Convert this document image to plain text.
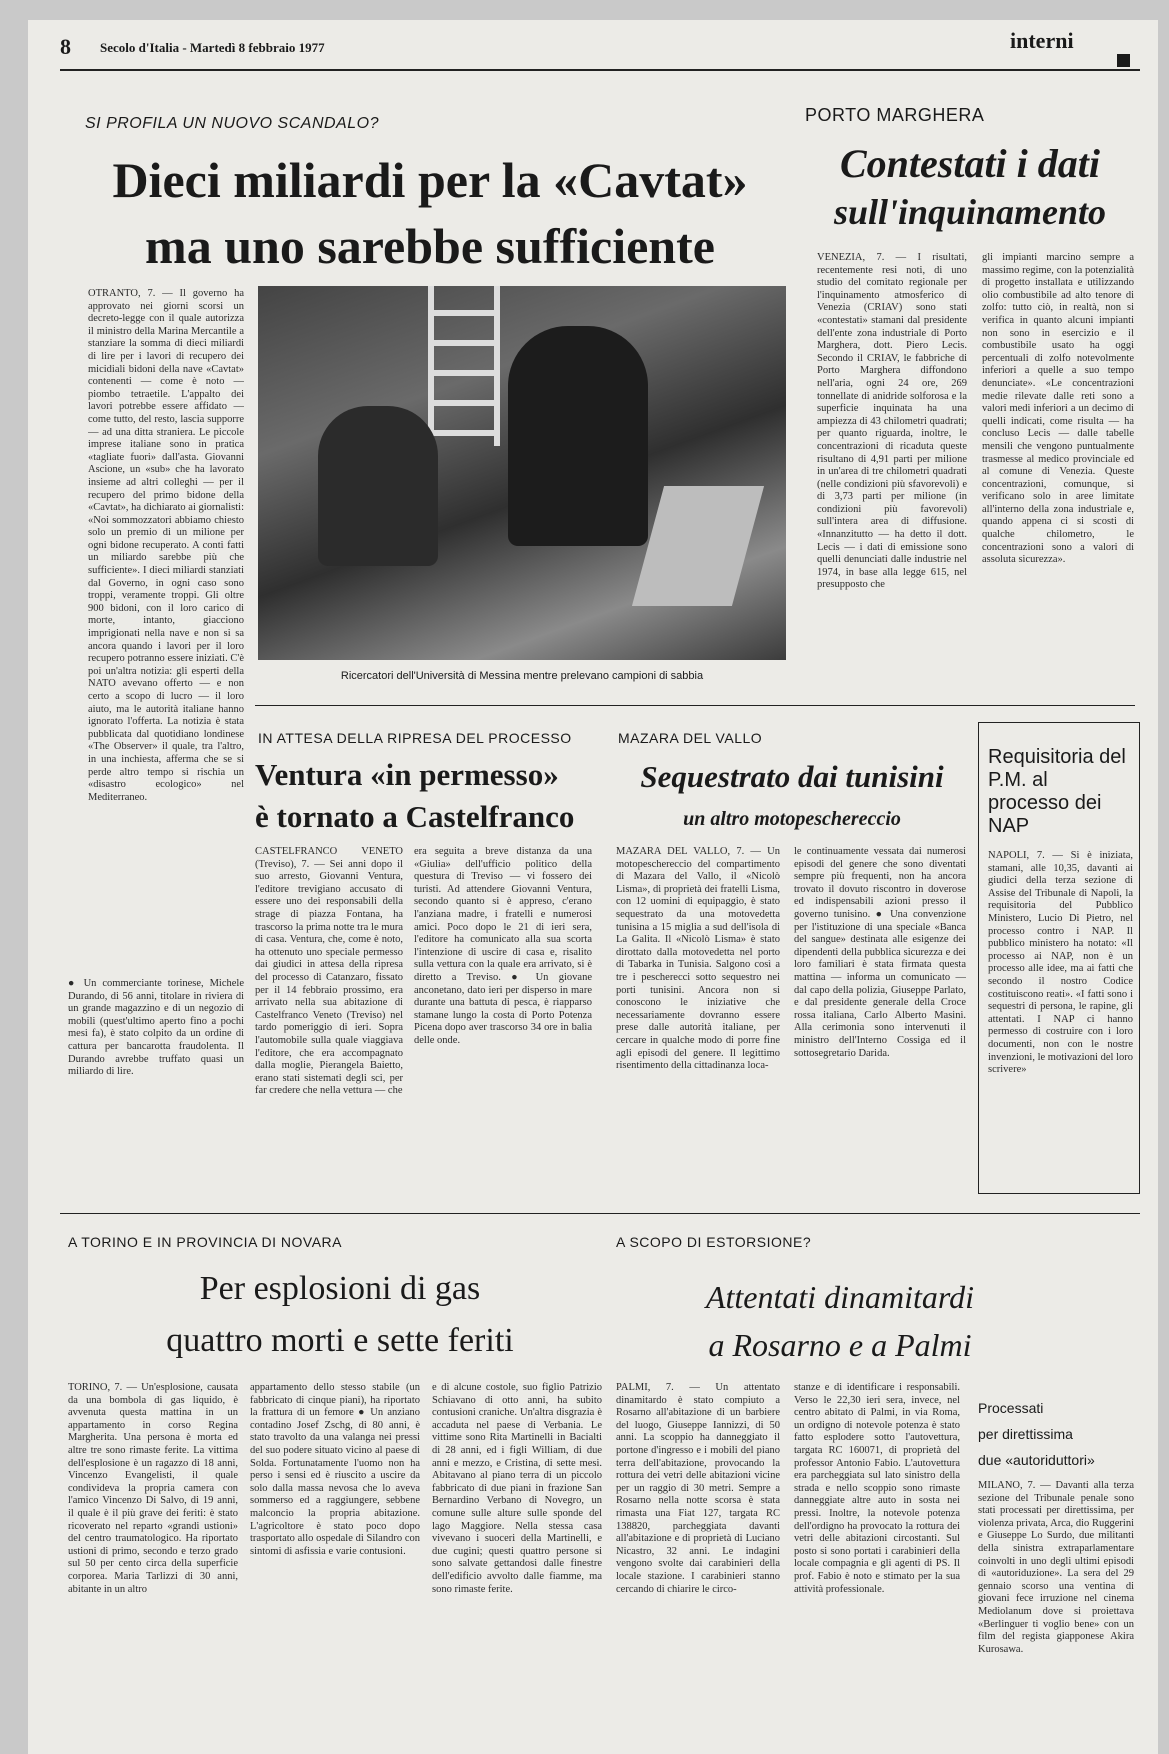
8 Secolo d'Italia - Martedì 8 febbraio 1977	interni
SI PROFILA UN NUOVO SCANDALO?
Dieci miliardi per la «Cavtat»
ma uno sarebbe sufficiente
OTRANTO, 7. — Il governo ha approvato nei giorni scorsi un decreto-legge con il quale autorizza il ministro della Marina Mercantile a stanziare la somma di dieci miliardi di lire per i lavori di recupero dei micidiali bidoni della nave «Cavtat» contenenti — come è noto — piombo tetraetile. L'appalto dei lavori potrebbe essere affidato — come tutto, del resto, lascia supporre — ad una ditta straniera. Le piccole imprese italiane sono in pratica «tagliate fuori» dall'asta. Giovanni Ascione, un «sub» che ha lavorato insieme ad altri colleghi — per il recupero del primo bidone della «Cavtat», ha dichiarato ai giornalisti: «Noi sommozzatori abbiamo chiesto solo un premio di un milione per ogni bidone recuperato. A conti fatti un miliardo sarebbe più che sufficiente». I dieci miliardi stanziati dal Governo, in ogni caso sono troppi, veramente troppi. Gli oltre 900 bidoni, con il loro carico di morte, intanto, giacciono imprigionati nella nave e non si sa ancora quando i lavori per il loro recupero potranno essere iniziati. C'è poi un'altra notizia: gli esperti della NATO avevano offerto — e non certo a scopo di lucro — il loro aiuto, ma le autorità italiane hanno ignorato l'offerta. La notizia è stata pubblicata dal quotidiano londinese «The Observer» il quale, tra l'altro, in una inchiesta, afferma che se si perde altro tempo si rischia un «disastro ecologico» nel Mediterraneo.
● Un commerciante torinese, Michele Durando, di 56 anni, titolare in riviera di un grande magazzino e di un negozio di mobili (quest'ultimo aperto fino a pochi mesi fa), è stato colpito da un ordine di cattura per bancarotta fraudolenta. Il Durando avrebbe truffato quasi un miliardo di lire.
Ricercatori dell'Università di Messina mentre prelevano campioni di sabbia
PORTO MARGHERA
Contestati i dati
sull'inquinamento
VENEZIA, 7. — I risultati, recentemente resi noti, di uno studio del comitato regionale per l'inquinamento atmosferico di Venezia (CRIAV) sono stati «contestati» stamani dal presidente dell'ente zona industriale di Porto Marghera, dott. Piero Lecis. Secondo il CRIAV, le fabbriche di Porto Marghera diffondono nell'aria, ogni 24 ore, 269 tonnellate di anidride solforosa e la superficie inquinata ha una ampiezza di 43 chilometri quadrati; per quanto riguarda, inoltre, le concentrazioni di ricaduta queste risultano di 4,91 parti per milione in un'area di tre chilometri quadrati (nelle condizioni più sfavorevoli) e di 3,73 parti per milione (in condizioni più favorevoli) sull'intera area di diffusione. «Innanzitutto — ha detto il dott. Lecis — i dati di emissione sono quelli denunciati dalle industrie nel 1974, in base alla legge 615, nel presupposto che
gli impianti marcino sempre a massimo regime, con la potenzialità di progetto installata e utilizzando olio combustibile ad alto tenore di zolfo: tutto ciò, in realtà, non si verifica in quanto alcuni impianti non sono in esercizio e il combustibile usato ha oggi percentuali di zolfo notevolmente inferiori a quelle a suo tempo denunciate». «Le concentrazioni medie rilevate dalle reti sono a valori medi inferiori a un decimo di quelli indicati, come risulta — ha concluso Lecis — dalle tabelle mensili che vengono puntualmente trasmesse al medico provinciale ed al comune di Venezia. Queste concentrazioni, comunque, si verificano solo in aree limitate all'interno della zona industriale e, quando appena ci si scosti di qualche chilometro, le concentrazioni sono a valori di assoluta sicurezza».
IN ATTESA DELLA RIPRESA DEL PROCESSO
Ventura «in permesso»
è tornato a Castelfranco
CASTELFRANCO VENETO (Treviso), 7. — Sei anni dopo il suo arresto, Giovanni Ventura, l'editore trevigiano accusato di essere uno dei responsabili della strage di piazza Fontana, ha trascorso la prima notte tra le mura di casa. Ventura, che, come è noto, ha ottenuto uno speciale permesso dai giudici in attesa della ripresa del processo di Catanzaro, fissato per il 14 febbraio prossimo, era arrivato nella sua abitazione di Castelfranco Veneto (Treviso) nel tardo pomeriggio di ieri. Sopra l'automobile sulla quale viaggiava l'editore, che era accompagnato dalla moglie, Pierangela Baietto, erano stati sistemati degli sci, per far credere che nella vettura — che
era seguita a breve distanza da una «Giulia» dell'ufficio politico della questura di Treviso — vi fossero dei turisti. Ad attendere Giovanni Ventura, secondo quanto si è appreso, c'erano l'anziana madre, i fratelli e numerosi amici. Poco dopo le 21 di ieri sera, l'editore ha comunicato alla sua scorta l'intenzione di uscire di casa e, risalito sulla vettura con la quale era arrivato, si è diretto a Treviso. ● Un giovane anconetano, dato ieri per disperso in mare durante una battuta di pesca, è riapparso stamane lungo la costa di Porto Potenza Picena dopo aver trascorso 34 ore in balìa delle onde.
MAZARA DEL VALLO
Sequestrato dai tunisini
un altro motopeschereccio
MAZARA DEL VALLO, 7. — Un motopeschereccio del compartimento di Mazara del Vallo, il «Nicolò Lisma», di proprietà dei fratelli Lisma, con 12 uomini di equipaggio, è stato sequestrato da una motovedetta tunisina a 15 miglia a sud dell'isola di La Galita. Il «Nicolò Lisma» è stato dirottato dalla motovedetta nel porto di Tabarka in Tunisia. Salgono così a tre i pescherecci sotto sequestro nei porti tunisini. Ancora non si conoscono le iniziative che necessariamente dovranno essere prese dalle autorità italiane, per cercare in qualche modo di porre fine agli episodi del genere. Il legittimo risentimento della cittadinanza loca-
le continuamente vessata dai numerosi episodi del genere che sono diventati sempre più frequenti, non ha ancora trovato il dovuto riscontro in doverose ed indispensabili azioni presso il governo tunisino. ● Una convenzione per l'istituzione di una speciale «Banca del sangue» destinata alle esigenze dei dipendenti della pubblica sicurezza e dei loro familiari è stata firmata questa mattina — informa un comunicato — dal capo della polizia, Giuseppe Parlato, e dal presidente generale della Croce rossa italiana, Carlo Alberto Masini. Alla cerimonia sono intervenuti il ministro dell'Interno Cossiga ed il sottosegretario Darida.
Requisitoria del P.M. al processo dei NAP
NAPOLI, 7. — Si è iniziata, stamani, alle 10,35, davanti ai giudici della terza sezione di Assise del Tribunale di Napoli, la requisitoria del Pubblico Ministero, Lucio Di Pietro, nel processo contro i NAP. Il pubblico ministero ha notato: «Il processo ai NAP, non è un processo alle idee, ma ai fatti che secondo il nostro Codice costituiscono reati». «I fatti sono i sequestri di persona, le rapine, gli attentati. I NAP ci hanno permesso di costruire con i loro documenti, non con le nostre invenzioni, le motivazioni del loro scrivere»
A TORINO E IN PROVINCIA DI NOVARA
Per esplosioni di gas
quattro morti e sette feriti
TORINO, 7. — Un'esplosione, causata da una bombola di gas liquido, è avvenuta questa mattina in un appartamento in corso Regina Margherita. Una persona è morta ed altre tre sono rimaste ferite. La vittima dell'esplosione è un ragazzo di 18 anni, Vincenzo Evangelisti, il quale condivideva la propria camera con l'amico Vincenzo Di Salvo, di 19 anni, il quale è il più grave dei feriti: è stato ricoverato nel reparto «grandi ustioni» del centro traumatologico. Ha riportato ustioni di primo, secondo e terzo grado sul 50 per cento circa della superficie corporea. Maria Tarlizzi di 30 anni, abitante in un altro
appartamento dello stesso stabile (un fabbricato di cinque piani), ha riportato la frattura di un femore ● Un anziano contadino Josef Zschg, di 80 anni, è stato travolto da una valanga nei pressi del suo podere situato vicino al paese di Solda. Fortunatamente l'uomo non ha perso i sensi ed è riuscito a uscire da solo dalla massa nevosa che lo aveva sommerso ed a raggiungere, sebbene malconcio la propria abitazione. L'agricoltore è stato poco dopo trasportato allo ospedale di Silandro con sintomi di asfissia e varie contusioni.
e di alcune costole, suo figlio Patrizio Schiavano di otto anni, ha subito contusioni craniche. Un'altra disgrazia è accaduta nel paese di Verbania. Le vittime sono Rita Martinelli in Bacialti di 28 anni, ed i figli William, di due anni e mezzo, e Cristina, di sette mesi. Abitavano al piano terra di un piccolo fabbricato di due piani in frazione San Bernardino Verbano di Novegro, un comune sulle alture sulle sponde del lago Maggiore. Nella stessa casa vivevano i suoceri della Martinelli, e due cugini; questi quattro persone si sono salvate gettandosi dalle finestre dell'edificio avvolto dalle fiamme, ma sono rimaste ferite.
A SCOPO DI ESTORSIONE?
Attentati dinamitardi
a Rosarno e a Palmi
PALMI, 7. — Un attentato dinamitardo è stato compiuto a Rosarno all'abitazione di un barbiere del luogo, Giuseppe Iannizzi, di 50 anni. La scoppio ha danneggiato il portone d'ingresso e i mobili del piano terra dell'abitazione, provocando la rottura dei vetri delle abitazioni vicine per un raggio di 30 metri. Sempre a Rosarno nella notte scorsa è stata rimasta una Fiat 127, targata RC 138820, parcheggiata davanti all'abitazione e di proprietà di Luciano Nicastro, 32 anni. Le indagini vengono svolte dai carabinieri della locale stazione. I carabinieri stanno cercando di chiarire le circo-
stanze e di identificare i responsabili. Verso le 22,30 ieri sera, invece, nel centro abitato di Palmi, in via Roma, un ordigno di notevole potenza è stato fatto esplodere sotto l'autovettura, targata RC 160071, di proprietà del professor Antonio Fabio. L'autovettura era parcheggiata sul lato sinistro della strada e nello scoppio sono rimaste danneggiate altre auto in sosta nei pressi. Inoltre, la notevole potenza dell'ordigno ha provocato la rottura dei vetri delle abitazioni circostanti. Sul posto si sono portati i carabinieri della locale compagnia e gli agenti di PS. Il prof. Fabio è noto e stimato per la sua attività professionale.
Processati
per direttissima
due «autoriduttori»
MILANO, 7. — Davanti alla terza sezione del Tribunale penale sono stati processati per direttissima, per violenza privata, Arca, dio Ruggerini e Giuseppe Lo Surdo, due militanti della sinistra extraparlamentare coinvolti in uno degli ultimi episodi di «autoriduzione». La sera del 29 gennaio scorso una ventina di giovani fece irruzione nel cinema Mediolanum dove si proiettava «Berlinguer ti voglio bene» con un film del regista giapponese Akira Kurosawa.
